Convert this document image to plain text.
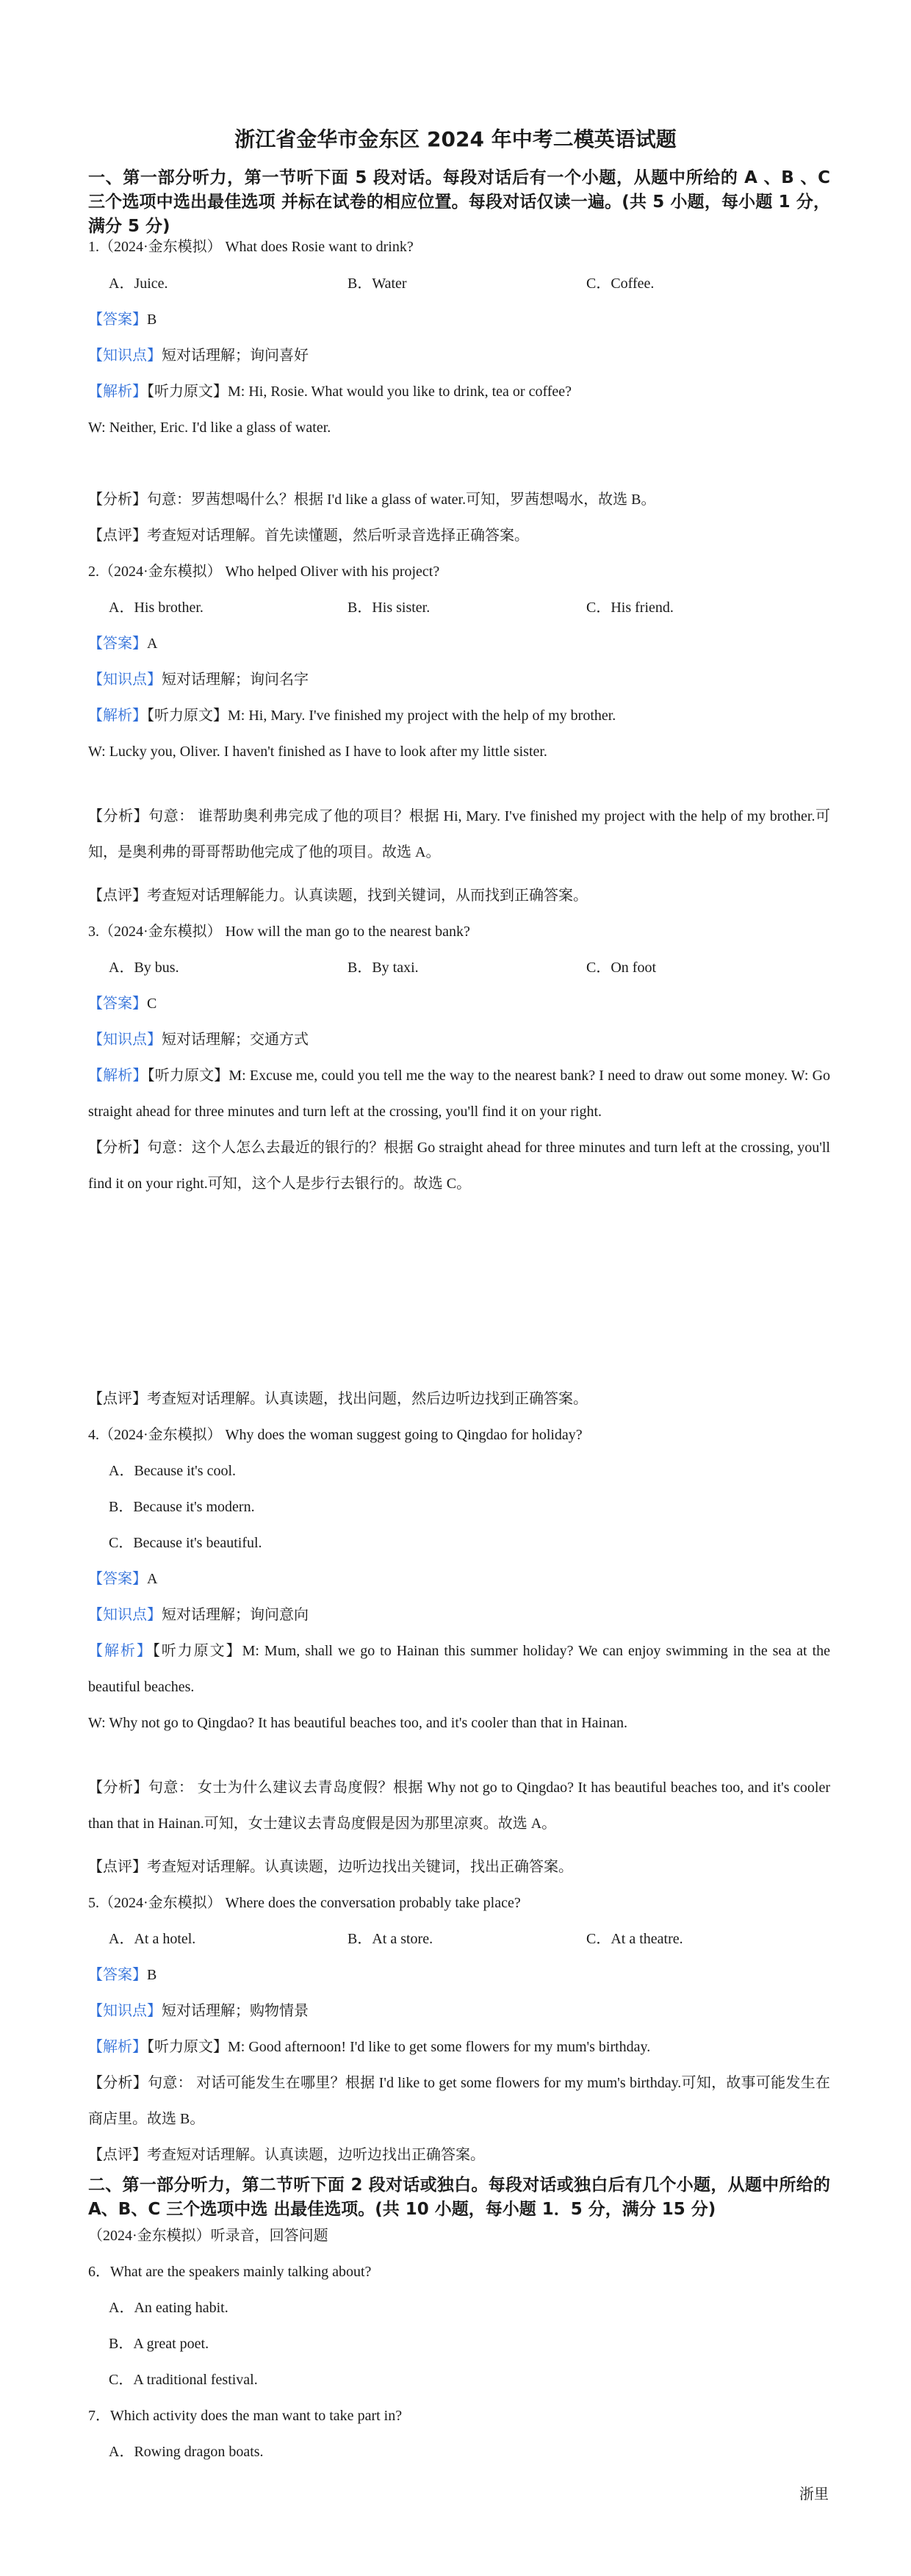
浙江省金华市金东区 2024 年中考二模英语试题

一、第一部分听力，第一节听下面 5 段对话。每段对话后有一个小题，从题中所给的 A 、B 、C 三个选项中选出最佳选项 并标在试卷的相应位置。每段对话仅读一遍。(共 5 小题，每小题 1 分，满分 5 分)

1.（2024·金东模拟） What does Rosie want to drink?
A．Juice.	B．Water	C．Coffee.
【答案】B
【知识点】短对话理解；询问喜好
【解析】【听力原文】M: Hi, Rosie. What would you like to drink, tea or coffee?
W: Neither, Eric. I'd like a glass of water.
【分析】句意：罗茜想喝什么？根据 I'd like a glass of water.可知，罗茜想喝水，故选 B。
【点评】考查短对话理解。首先读懂题，然后听录音选择正确答案。
2.（2024·金东模拟） Who helped Oliver with his project?
A．His brother.	B．His sister.	C．His friend.
【答案】A
【知识点】短对话理解；询问名字
【解析】【听力原文】M: Hi, Mary. I've finished my project with the help of my brother.
W: Lucky you, Oliver. I haven't finished as I have to look after my little sister.
【分析】句意： 谁帮助奥利弗完成了他的项目？根据 Hi, Mary. I've finished my project with the help of my brother.可知，是奥利弗的哥哥帮助他完成了他的项目。故选 A。
【点评】考查短对话理解能力。认真读题，找到关键词，从而找到正确答案。
3.（2024·金东模拟） How will the man go to the nearest bank?
A．By bus.	B．By taxi.	C．On foot
【答案】C
【知识点】短对话理解；交通方式
【解析】【听力原文】M: Excuse me, could you tell me the way to the nearest bank? I need to draw out some money. W: Go straight ahead for three minutes and turn left at the crossing, you'll find it on your right.
【分析】句意：这个人怎么去最近的银行的？根据 Go straight ahead for three minutes and turn left at the crossing, you'll find it on your right.可知，这个人是步行去银行的。故选 C。
【点评】考查短对话理解。认真读题，找出问题，然后边听边找到正确答案。
4.（2024·金东模拟） Why does the woman suggest going to Qingdao for holiday?
A．Because it's cool.
B．Because it's modern.
C．Because it's beautiful.
【答案】A
【知识点】短对话理解；询问意向
【解析】【听力原文】M: Mum, shall we go to Hainan this summer holiday? We can enjoy swimming in the sea at the beautiful beaches.
W: Why not go to Qingdao? It has beautiful beaches too, and it's cooler than that in Hainan.
【分析】句意： 女士为什么建议去青岛度假？根据 Why not go to Qingdao? It has beautiful beaches too, and it's cooler than that in Hainan.可知，女士建议去青岛度假是因为那里凉爽。故选 A。
【点评】考查短对话理解。认真读题，边听边找出关键词，找出正确答案。
5.（2024·金东模拟） Where does the conversation probably take place?
A．At a hotel.	B．At a store.	C．At a theatre.
【答案】B
【知识点】短对话理解；购物情景
【解析】【听力原文】M: Good afternoon! I'd like to get some flowers for my mum's birthday.
【分析】句意： 对话可能发生在哪里？根据 I'd like to get some flowers for my mum's birthday.可知，故事可能发生在商店里。故选 B。
【点评】考查短对话理解。认真读题，边听边找出正确答案。

二、第一部分听力，第二节听下面 2 段对话或独白。每段对话或独白后有几个小题，从题中所给的 A、B、C 三个选项中选 出最佳选项。(共 10 小题，每小题 1．5 分，满分 15 分)

（2024·金东模拟）听录音，回答问题
6．What are the speakers mainly talking about?
A．An eating habit.
B．A great poet.
C．A traditional festival.
7．Which activity does the man want to take part in?
A．Rowing dragon boats.
浙里
